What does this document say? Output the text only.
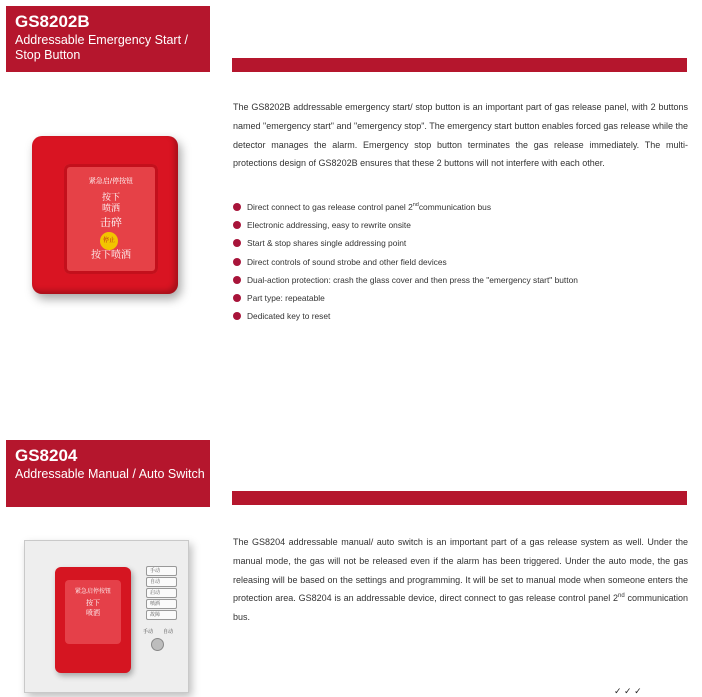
GS8202B
Addressable Emergency Start / Stop Button
紧急启/停按钮
按下
喷洒
击碎
按下喷洒
停止

The GS8202B addressable emergency start/ stop button is an important part of gas release panel, with 2 buttons named "emergency start" and "emergency stop". The emergency start button enables forced gas release while the detector manages the alarm. Emergency stop button terminates the gas release immediately. The multi-protections design of GS8202B ensures that these 2 buttons will not interfere with each other.

Direct connect to gas release control panel 2ndcommunication bus
Electronic addressing, easy to rewrite onsite
Start & stop shares single addressing point
Direct controls of sound strobe and other field devices
Dual-action protection: crash the glass cover and then press the "emergency start" button
Part type: repeatable
Dedicated key to reset
GS8204
Addressable Manual / Auto Switch
紧急启停按钮
按下
喷洒
手动
自动
启动
喷洒
故障
手动 自动

The GS8204 addressable manual/ auto switch is an important part of a gas release system as well. Under the manual mode, the gas will not be released even if the alarm has been triggered. Under the auto mode, the gas releasing will be based on the settings and programming. It will be set to manual mode when someone enters the protection area. GS8204 is an addressable device, direct connect to gas release control panel 2nd communication bus.

✓ ✓ ✓
